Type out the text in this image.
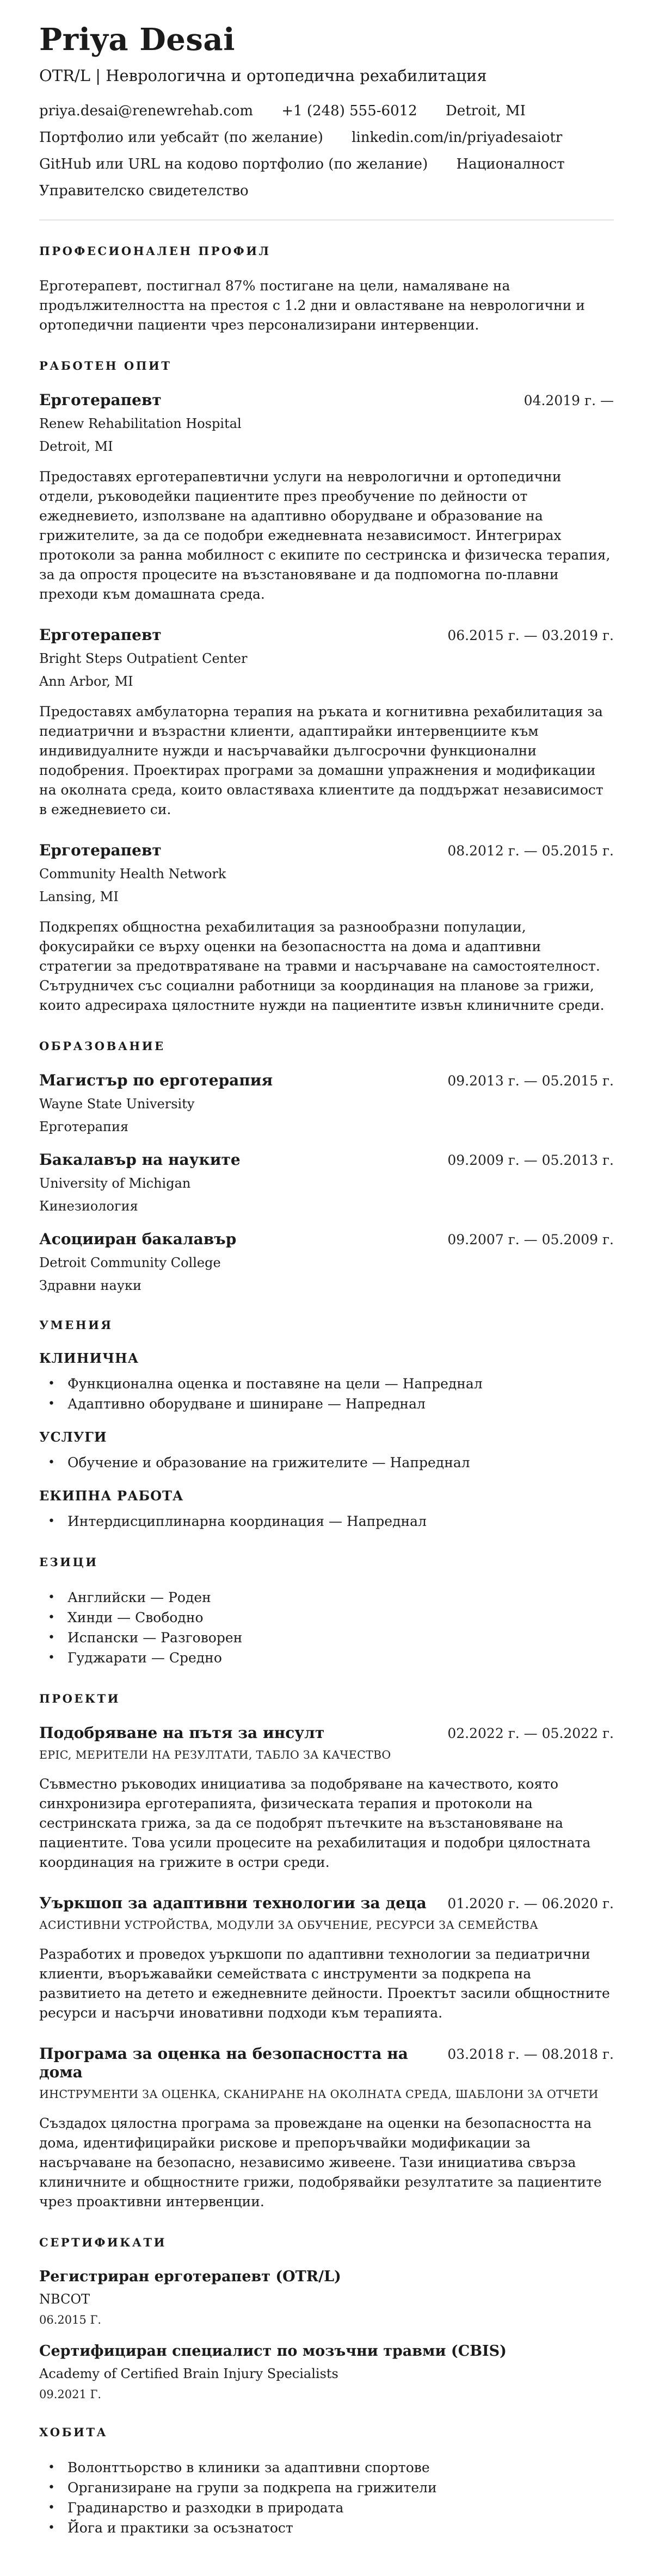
Priya Desai
OTR/L | Неврологична и ортопедична рехабилитация
priya.desai@renewrehab.com +1 (248) 555-6012 Detroit, MI
Портфолио или уебсайт (по желание) linkedin.com/in/priyadesaiotr
GitHub или URL на кодово портфолио (по желание) Националност
Управителско свидетелство
ПРОФЕСИОНАЛЕН ПРОФИЛ

Ерготерапевт, постигнал 87% постигане на цели, намаляване на продължителността на престоя с 1.2 дни и овластяване на неврологични и ортопедични пациенти чрез персонализирани интервенции.

РАБОТЕН ОПИТ
Ерготерапевт	04.2019 г. —
Renew Rehabilitation Hospital
Detroit, MI

Предоставях ерготерапевтични услуги на неврологични и ортопедични отдели, ръководейки пациентите през преобучение по дейности от ежедневието, използване на адаптивно оборудване и образование на грижителите, за да се подобри ежедневната независимост. Интегрирах протоколи за ранна мобилност с екипите по сестринска и физическа терапия, за да опростя процесите на възстановяване и да подпомогна по-плавни преходи към домашната среда.

Ерготерапевт	06.2015 г. — 03.2019 г.
Bright Steps Outpatient Center
Ann Arbor, MI

Предоставях амбулаторна терапия на ръката и когнитивна рехабилитация за педиатрични и възрастни клиенти, адаптирайки интервенциите към индивидуалните нужди и насърчавайки дългосрочни функционални подобрения. Проектирах програми за домашни упражнения и модификации на околната среда, които овластяваха клиентите да поддържат независимост в ежедневието си.

Ерготерапевт	08.2012 г. — 05.2015 г.
Community Health Network
Lansing, MI

Подкрепях общностна рехабилитация за разнообразни популации, фокусирайки се върху оценки на безопасността на дома и адаптивни стратегии за предотвратяване на травми и насърчаване на самостоятелност. Сътрудничех със социални работници за координация на планове за грижи, които адресираха цялостните нужди на пациентите извън клиничните среди.

ОБРАЗОВАНИЕ
Магистър по ерготерапия	09.2013 г. — 05.2015 г.
Wayne State University
Ерготерапия
Бакалавър на науките	09.2009 г. — 05.2013 г.
University of Michigan
Кинезиология
Асоцииран бакалавър	09.2007 г. — 05.2009 г.
Detroit Community College
Здравни науки
УМЕНИЯ
КЛИНИЧНА
• Функционална оценка и поставяне на цели — Напреднал
• Адаптивно оборудване и шиниране — Напреднал
УСЛУГИ
• Обучение и образование на грижителите — Напреднал
ЕКИПНА РАБОТА
• Интердисциплинарна координация — Напреднал
ЕЗИЦИ
• Английски — Роден
• Хинди — Свободно
• Испански — Разговорен
• Гуджарати — Средно
ПРОЕКТИ
Подобряване на пътя за инсулт	02.2022 г. — 05.2022 г.
EPIC, МЕРИТЕЛИ НА РЕЗУЛТАТИ, ТАБЛО ЗА КАЧЕСТВО

Съвместно ръководих инициатива за подобряване на качеството, която синхронизира ерготерапията, физическата терапия и протоколи на сестринската грижа, за да се подобрят пътечките на възстановяване на пациентите. Това усили процесите на рехабилитация и подобри цялостната координация на грижите в остри среди.

Уъркшоп за адаптивни технологии за деца	01.2020 г. — 06.2020 г.
АСИСТИВНИ УСТРОЙСТВА, МОДУЛИ ЗА ОБУЧЕНИЕ, РЕСУРСИ ЗА СЕМЕЙСТВА

Разработих и проведох уъркшопи по адаптивни технологии за педиатрични клиенти, въоръжавайки семействата с инструменти за подкрепа на развитието на детето и ежедневните дейности. Проектът засили общностните ресурси и насърчи иновативни подходи към терапията.

Програма за оценка на безопасността на дома
03.2018 г. — 08.2018 г.
ИНСТРУМЕНТИ ЗА ОЦЕНКА, СКАНИРАНЕ НА ОКОЛНАТА СРЕДА, ШАБЛОНИ ЗА ОТЧЕТИ

Създадох цялостна програма за провеждане на оценки на безопасността на дома, идентифицирайки рискове и препоръчвайки модификации за насърчаване на безопасно, независимо живеене. Тази инициатива свърза клиничните и общностните грижи, подобрявайки резултатите за пациентите чрез проактивни интервенции.

СЕРТИФИКАТИ
Регистриран ерготерапевт (OTR/L)
NBCOT
06.2015 Г.
Сертифициран специалист по мозъчни травми (CBIS)
Academy of Certified Brain Injury Specialists
09.2021 Г.
ХОБИТА
• Волонттьорство в клиники за адаптивни спортове
• Организиране на групи за подкрепа на грижители
• Градинарство и разходки в природата
• Йога и практики за осъзнатост
